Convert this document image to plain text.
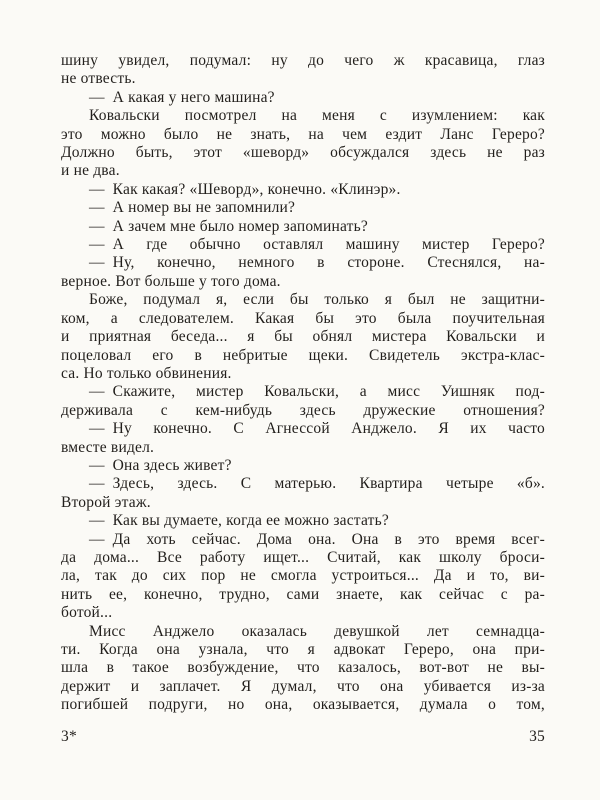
шину увидел, подумал: ну до чего ж красавица, глаз
не отвесть.
— А какая у него машина?
Ковальски посмотрел на меня с изумлением: как
это можно было не знать, на чем ездит Ланс Гереро?
Должно быть, этот «шеворд» обсуждался здесь не раз
и не два.
— Как какая? «Шеворд», конечно. «Клинэр».
— А номер вы не запомнили?
— А зачем мне было номер запоминать?
— А где обычно оставлял машину мистер Гереро?
— Ну, конечно, немного в стороне. Стеснялся, на-
верное. Вот больше у того дома.
Боже, подумал я, если бы только я был не защитни-
ком, а следователем. Какая бы это была поучительная
и приятная беседа... я бы обнял мистера Ковальски и
поцеловал его в небритые щеки. Свидетель экстра-клас-
са. Но только обвинения.
— Скажите, мистер Ковальски, а мисс Уишняк под-
держивала с кем-нибудь здесь дружеские отношения?
— Ну конечно. С Агнессой Анджело. Я их часто
вместе видел.
— Она здесь живет?
— Здесь, здесь. С матерью. Квартира четыре «б».
Второй этаж.
— Как вы думаете, когда ее можно застать?
— Да хоть сейчас. Дома она. Она в это время всег-
да дома... Все работу ищет... Считай, как школу броси-
ла, так до сих пор не смогла устроиться... Да и то, ви-
нить ее, конечно, трудно, сами знаете, как сейчас с ра-
ботой...
Мисс Анджело оказалась девушкой лет семнадца-
ти. Когда она узнала, что я адвокат Гереро, она при-
шла в такое возбуждение, что казалось, вот-вот не вы-
держит и заплачет. Я думал, что она убивается из-за
погибшей подруги, но она, оказывается, думала о том,
3*	35
